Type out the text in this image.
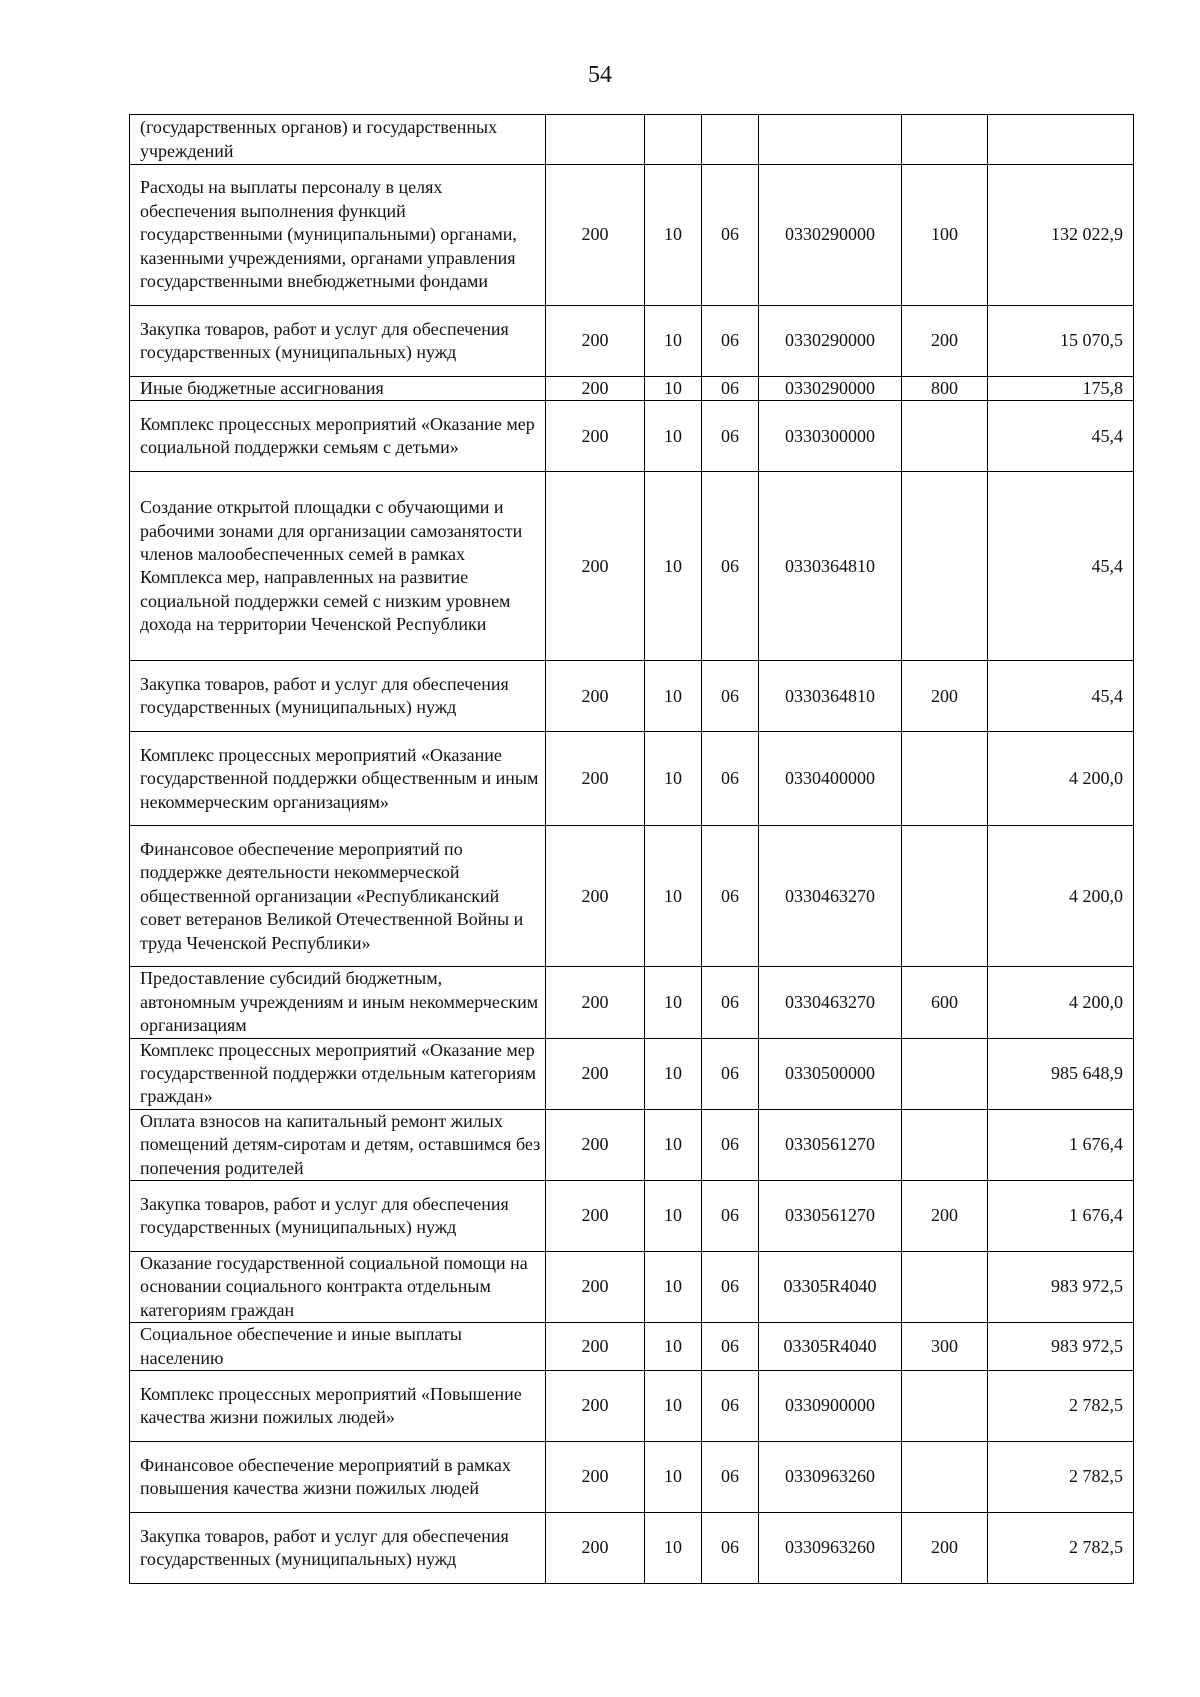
54
(государственных органов) и государственных учреждений						
Расходы на выплаты персоналу в целях обеспечения выполнения функций государственными (муниципальными) органами, казенными учреждениями, органами управления государственными внебюджетными фондами	200	10	06	0330290000	100	132 022,9
Закупка товаров, работ и услуг для обеспечения государственных (муниципальных) нужд	200	10	06	0330290000	200	15 070,5
Иные бюджетные ассигнования	200	10	06	0330290000	800	175,8
Комплекс процессных мероприятий «Оказание мер социальной поддержки семьям с детьми»	200	10	06	0330300000		45,4
Создание открытой площадки с обучающими и рабочими зонами для организации самозанятости членов малообеспеченных семей в рамках Комплекса мер, направленных на развитие социальной поддержки семей с низким уровнем дохода на территории Чеченской Республики	200	10	06	0330364810		45,4
Закупка товаров, работ и услуг для обеспечения государственных (муниципальных) нужд	200	10	06	0330364810	200	45,4
Комплекс процессных мероприятий «Оказание государственной поддержки общественным и иным некоммерческим организациям»	200	10	06	0330400000		4 200,0
Финансовое обеспечение мероприятий по поддержке деятельности некоммерческой общественной организации «Республиканский совет ветеранов Великой Отечественной Войны и труда Чеченской Республики»	200	10	06	0330463270		4 200,0
Предоставление субсидий бюджетным, автономным учреждениям и иным некоммерческим организациям	200	10	06	0330463270	600	4 200,0
Комплекс процессных мероприятий «Оказание мер государственной поддержки отдельным категориям граждан»	200	10	06	0330500000		985 648,9
Оплата взносов на капитальный ремонт жилых помещений детям-сиротам и детям, оставшимся без попечения родителей	200	10	06	0330561270		1 676,4
Закупка товаров, работ и услуг для обеспечения государственных (муниципальных) нужд	200	10	06	0330561270	200	1 676,4
Оказание государственной социальной помощи на основании социального контракта отдельным категориям граждан	200	10	06	03305R4040		983 972,5
Социальное обеспечение и иные выплаты населению	200	10	06	03305R4040	300	983 972,5
Комплекс процессных мероприятий «Повышение качества жизни пожилых людей»	200	10	06	0330900000		2 782,5
Финансовое обеспечение мероприятий в рамках повышения качества жизни пожилых людей	200	10	06	0330963260		2 782,5
Закупка товаров, работ и услуг для обеспечения государственных (муниципальных) нужд	200	10	06	0330963260	200	2 782,5
